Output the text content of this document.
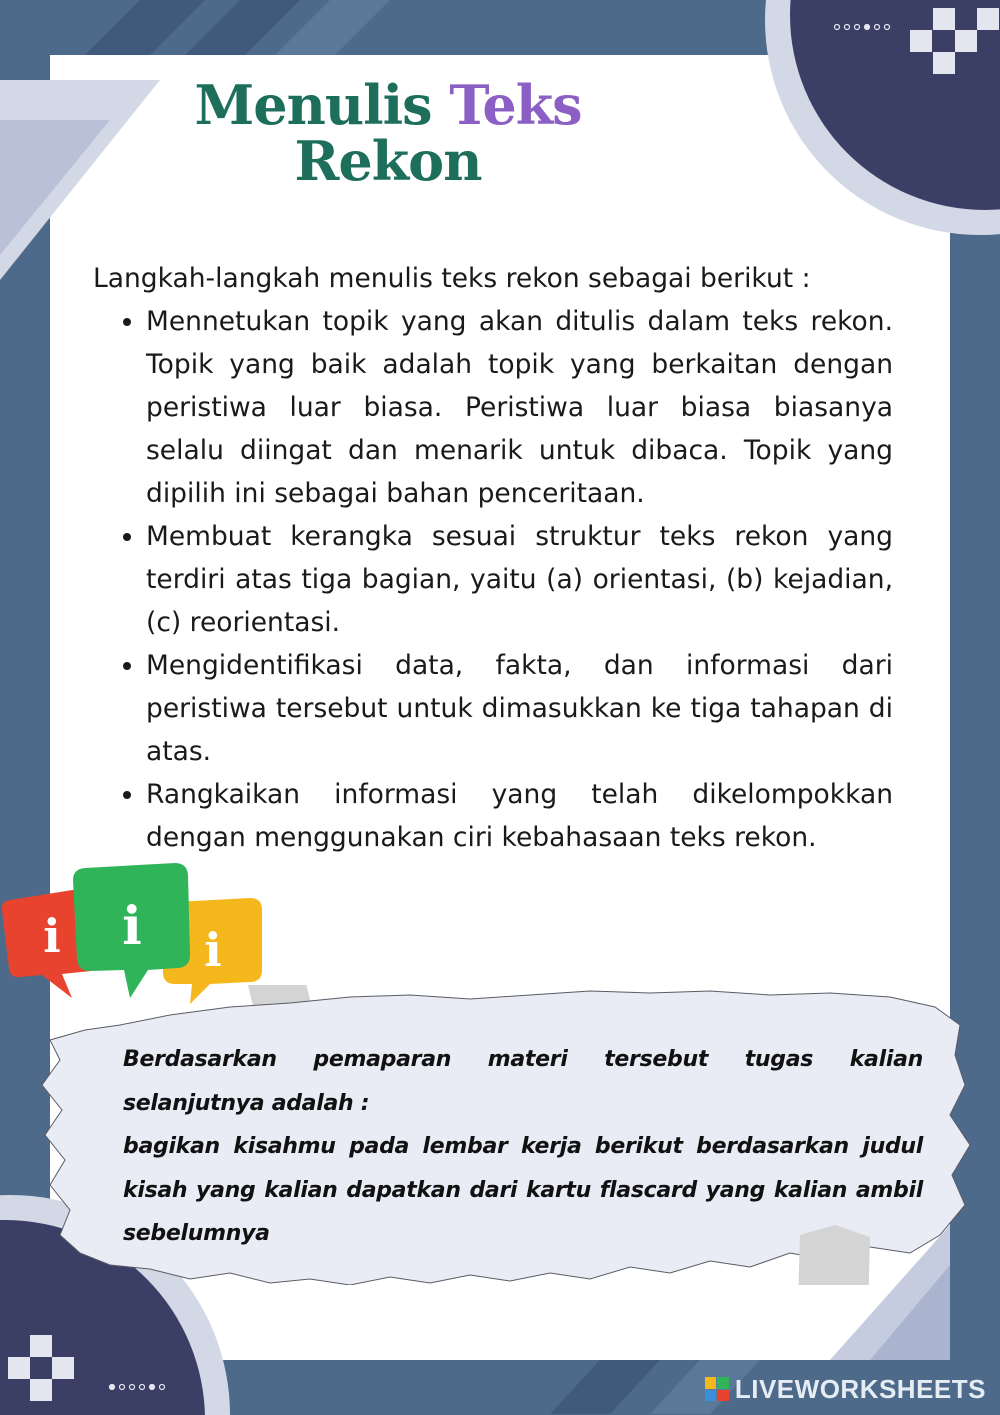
Menulis Teks
Rekon

Langkah-langkah menulis teks rekon sebagai berikut :

• Mennetukan topik yang akan ditulis dalam teks rekon. Topik yang baik adalah topik yang berkaitan dengan peristiwa luar biasa. Peristiwa luar biasa biasanya selalu diingat dan menarik untuk dibaca. Topik yang dipilih ini sebagai bahan penceritaan.
• Membuat kerangka sesuai struktur teks rekon yang terdiri atas tiga bagian, yaitu (a) orientasi, (b) kejadian, (c) reorientasi.
• Mengidentifikasi data, fakta, dan informasi dari peristiwa tersebut untuk dimasukkan ke tiga tahapan di atas.
• Rangkaikan informasi yang telah dikelompokkan dengan menggunakan ciri kebahasaan teks rekon.
i	i
i

Berdasarkan pemaparan materi tersebut tugas kalian selanjutnya adalah :

bagikan kisahmu pada lembar kerja berikut berdasarkan judul kisah yang kalian dapatkan dari kartu flascard yang kalian ambil sebelumnya

LIVEWORKSHEETS
